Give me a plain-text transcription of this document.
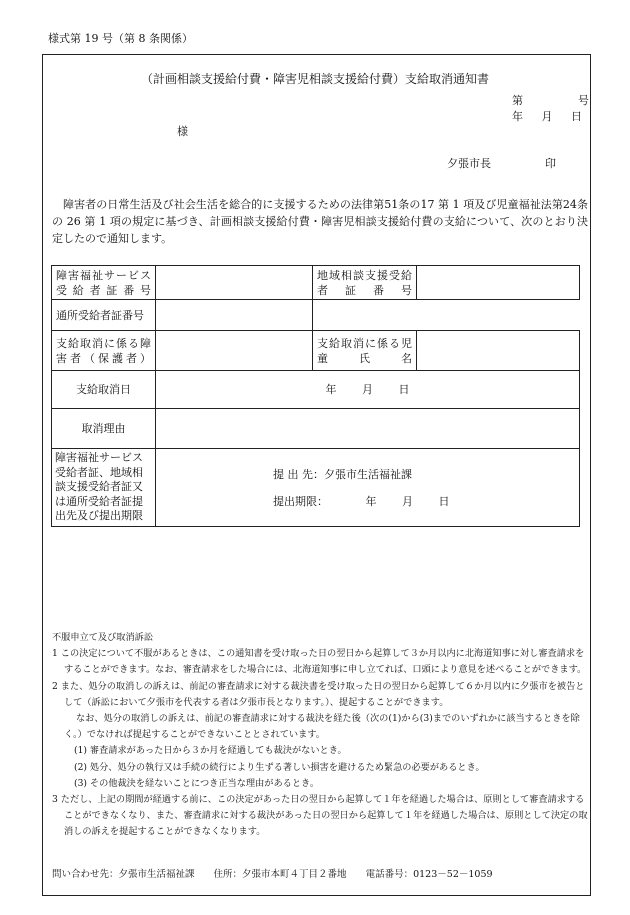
様式第 19 号（第 8 条関係）
（計画相談支援給付費・障害児相談支援給付費）支給取消通知書
第	号
年 月 日
様
夕張市長	印
障害者の日常生活及び社会生活を総合的に支援するための法律第51条の17 第 1 項及び児童福祉法第24条の 26 第 1 項の規定に基づき、計画相談支援給付費・障害児相談支援給付費の支給について、次のとおり決定したので通知します。
障害福祉サービス受給者証番号		地域相談支援受給者証番号	

通所受給者証番号		

支給取消に係る障害者（保護者）		支給取消に係る児童氏名	
支給取消日	年 月 日		
取消理由			
障害福祉サービス受給者証、地域相談支援受給者証又は通所受給者証提出先及び提出期限	提 出 先：夕張市生活福祉課
提出期限： 年 月 日		

不服申立て及び取消訴訟

1 この決定について不服があるときは、この通知書を受け取った日の翌日から起算して３か月以内に北海道知事に対し審査請求をすることができます。なお、審査請求をした場合には、北海道知事に申し立てれば、口頭により意見を述べることができます。

2 また、処分の取消しの訴えは、前記の審査請求に対する裁決書を受け取った日の翌日から起算して６か月以内に夕張市を被告として（訴訟において夕張市を代表する者は夕張市長となります。）、提起することができます。

なお、処分の取消しの訴えは、前記の審査請求に対する裁決を経た後（次の(1)から(3)までのいずれかに該当するときを除く。）でなければ提起することができないこととされています。

(1) 審査請求があった日から３か月を経過しても裁決がないとき。

(2) 処分、処分の執行又は手続の続行により生ずる著しい損害を避けるため緊急の必要があるとき。

(3) その他裁決を経ないことにつき正当な理由があるとき。

3 ただし、上記の期間が経過する前に、この決定があった日の翌日から起算して１年を経過した場合は、原則として審査請求することができなくなり、また、審査請求に対する裁決があった日の翌日から起算して１年を経過した場合は、原則として決定の取消しの訴えを提起することができなくなります。

問い合わせ先：夕張市生活福祉課 住所：夕張市本町４丁目２番地 電話番号：0123－52－1059
